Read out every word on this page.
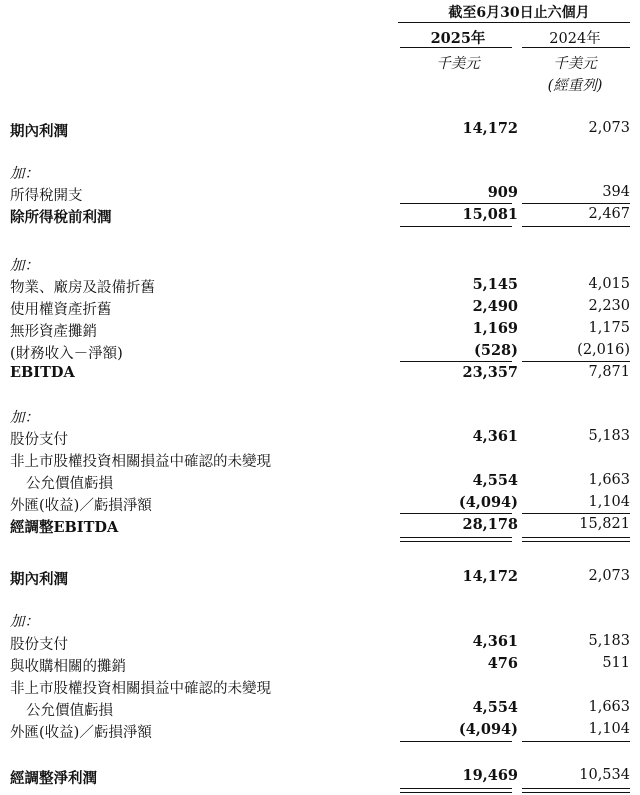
截至6月30日止六個月
2025年	2024年
千美元	千美元
(經重列)
期內利潤	14,172	2,073
加：
所得稅開支	909	394
除所得稅前利潤	15,081	2,467
加：
物業、廠房及設備折舊	5,145	4,015
使用權資產折舊	2,490	2,230
無形資產攤銷	1,169	1,175
(財務收入－淨額)	(528)	(2,016)
EBITDA	23,357	7,871
加：
股份支付	4,361	5,183
非上市股權投資相關損益中確認的未變現
公允價值虧損	4,554	1,663
外匯(收益)／虧損淨額	(4,094)	1,104
經調整EBITDA	28,178	15,821
期內利潤	14,172	2,073
加：
股份支付	4,361	5,183
與收購相關的攤銷	476	511
非上市股權投資相關損益中確認的未變現
公允價值虧損	4,554	1,663
外匯(收益)／虧損淨額	(4,094)	1,104
經調整淨利潤	19,469	10,534
